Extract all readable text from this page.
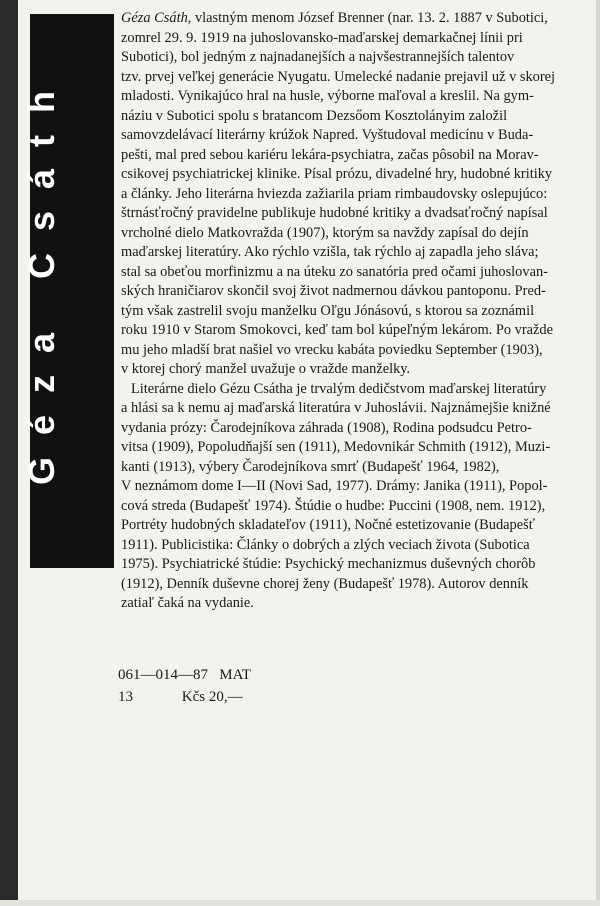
Géza Csáth

Géza Csáth, vlastným menom József Brenner (nar. 13. 2. 1887 v Subotici,
zomrel 29. 9. 1919 na juhoslovansko-maďarskej demarkačnej línii pri
Subotici), bol jedným z najnadanejších a najvšestrannejších talentov
tzv. prvej veľkej generácie Nyugatu. Umelecké nadanie prejavil už v skorej
mladosti. Vynikajúco hral na husle, výborne maľoval a kreslil. Na gym-
náziu v Subotici spolu s bratancom Dezsőom Kosztolányim založil
samovzdelávací literárny krúžok Napred. Vyštudoval medicínu v Buda-
pešti, mal pred sebou kariéru lekára-psychiatra, začas pôsobil na Morav-
csikovej psychiatrickej klinike. Písal prózu, divadelné hry, hudobné kritiky
a články. Jeho literárna hviezda zažiarila priam rimbaudovsky oslepujúco:
štrnásťročný pravidelne publikuje hudobné kritiky a dvadsaťročný napísal
vrcholné dielo Matkovražda (1907), ktorým sa navždy zapísal do dejín
maďarskej literatúry. Ako rýchlo vzišla, tak rýchlo aj zapadla jeho sláva;
stal sa obeťou morfinizmu a na úteku zo sanatória pred očami juhoslovan-
ských hraničiarov skončil svoj život nadmernou dávkou pantoponu. Pred-
tým však zastrelil svoju manželku Oľgu Jónásovú, s ktorou sa zoznámil
roku 1910 v Starom Smokovci, keď tam bol kúpeľným lekárom. Po vražde
mu jeho mladší brat našiel vo vrecku kabáta poviedku September (1903),
v ktorej chorý manžel uvažuje o vražde manželky.

Literárne dielo Gézu Csátha je trvalým dedičstvom maďarskej literatúry
a hlási sa k nemu aj maďarská literatúra v Juhoslávii. Najznámejšie knižné
vydania prózy: Čarodejníkova záhrada (1908), Rodina podsudcu Petro-
vitsa (1909), Popoludňajší sen (1911), Medovnikár Schmith (1912), Muzi-
kanti (1913), výbery Čarodejníkova smrť (Budapešť 1964, 1982),
V neznámom dome I—II (Novi Sad, 1977). Drámy: Janika (1911), Popol-
cová streda (Budapešť 1974). Štúdie o hudbe: Puccini (1908, nem. 1912),
Portréty hudobných skladateľov (1911), Nočné estetizovanie (Budapešť
1911). Publicistika: Články o dobrých a zlých veciach života (Subotica
1975). Psychiatrické štúdie: Psychický mechanizmus duševných chorôb
(1912), Denník duševne chorej ženy (Budapešť 1978). Autorov denník
zatiaľ čaká na vydanie.

061—014—87   MAT
13             Kčs 20,—
